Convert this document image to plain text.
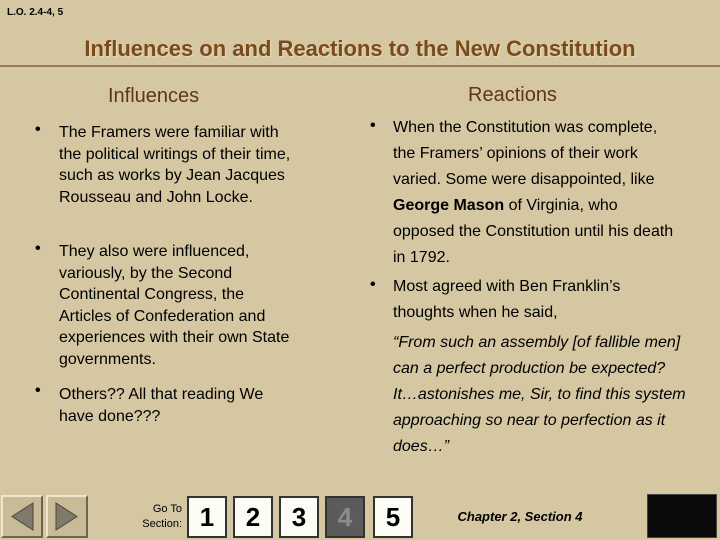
L.O. 2.4-4, 5
Influences on and Reactions to the New Constitution
Influences
• The Framers were familiar with the political writings of their time, such as works by Jean Jacques Rousseau and John Locke.
• They also were influenced, variously, by the Second Continental Congress, the Articles of Confederation and experiences with their own State governments.
• Others?? All that reading We have done???
Reactions
• When the Constitution was complete, the Framers’ opinions of their work varied. Some were disappointed, like George Mason of Virginia, who opposed the Constitution until his death in 1792.
• Most agreed with Ben Franklin’s thoughts when he said,
“From such an assembly [of fallible men] can a perfect production be expected? It…astonishes me, Sir, to find this system approaching so near to perfection as it does…”
Go To
Section: 1	2	3	4	5	Chapter 2, Section 4
